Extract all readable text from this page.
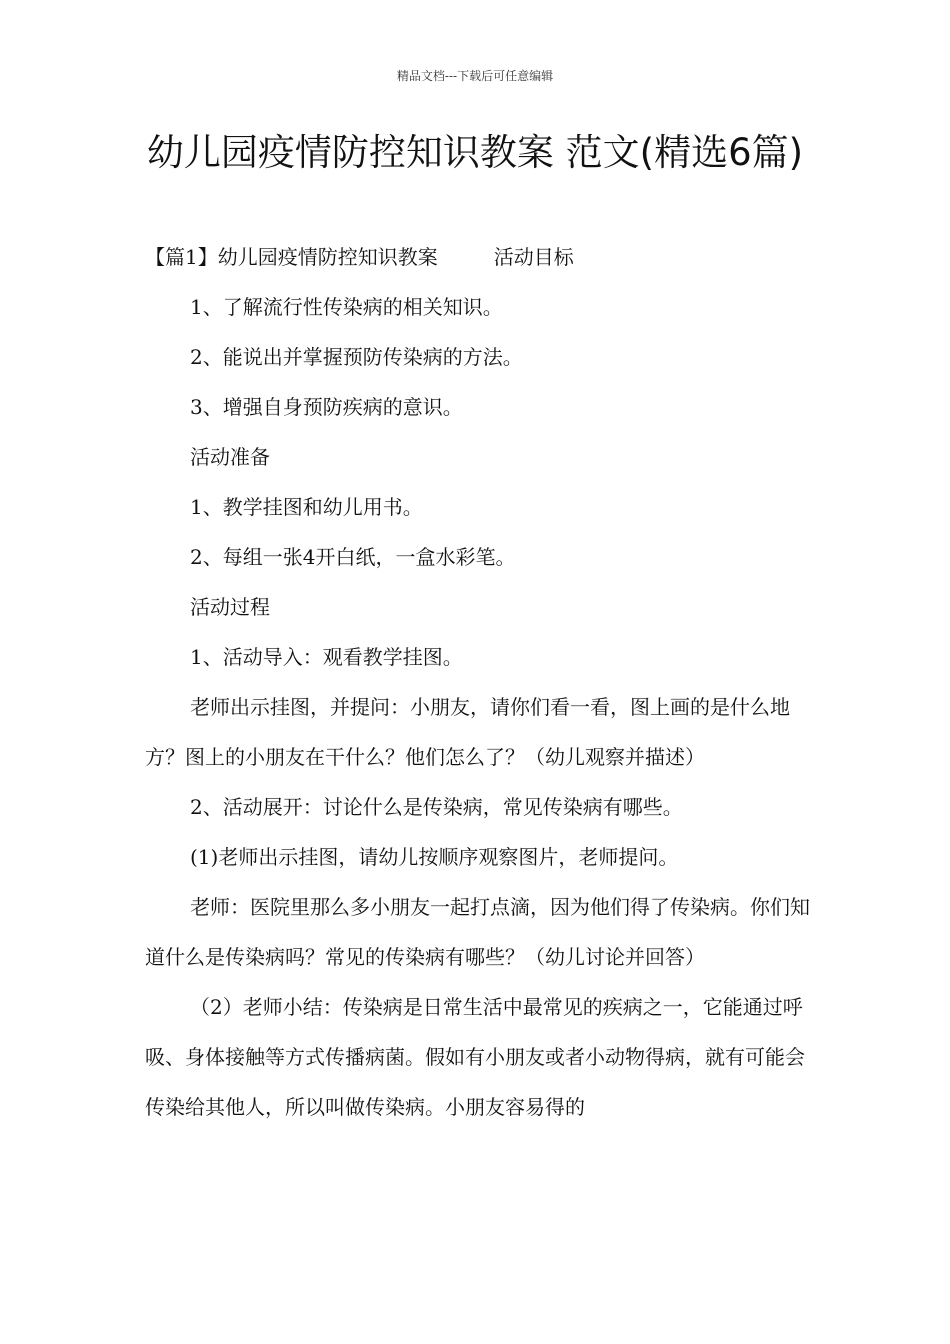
精品文档---下载后可任意编辑
幼儿园疫情防控知识教案 范文(精选6篇)
【篇1】幼儿园疫情防控知识教案	活动目标

1、了解流行性传染病的相关知识。

2、能说出并掌握预防传染病的方法。

3、增强自身预防疾病的意识。

活动准备

1、教学挂图和幼儿用书。

2、每组一张4开白纸，一盒水彩笔。

活动过程

1、活动导入：观看教学挂图。

老师出示挂图，并提问：小朋友，请你们看一看，图上画的是什么地方？图上的小朋友在干什么？他们怎么了？（幼儿观察并描述）

2、活动展开：讨论什么是传染病，常见传染病有哪些。

(1)老师出示挂图，请幼儿按顺序观察图片，老师提问。

老师：医院里那么多小朋友一起打点滴，因为他们得了传染病。你们知道什么是传染病吗？常见的传染病有哪些？（幼儿讨论并回答）

（2）老师小结：传染病是日常生活中最常见的疾病之一，它能通过呼吸、身体接触等方式传播病菌。假如有小朋友或者小动物得病，就有可能会传染给其他人，所以叫做传染病。小朋友容易得的
